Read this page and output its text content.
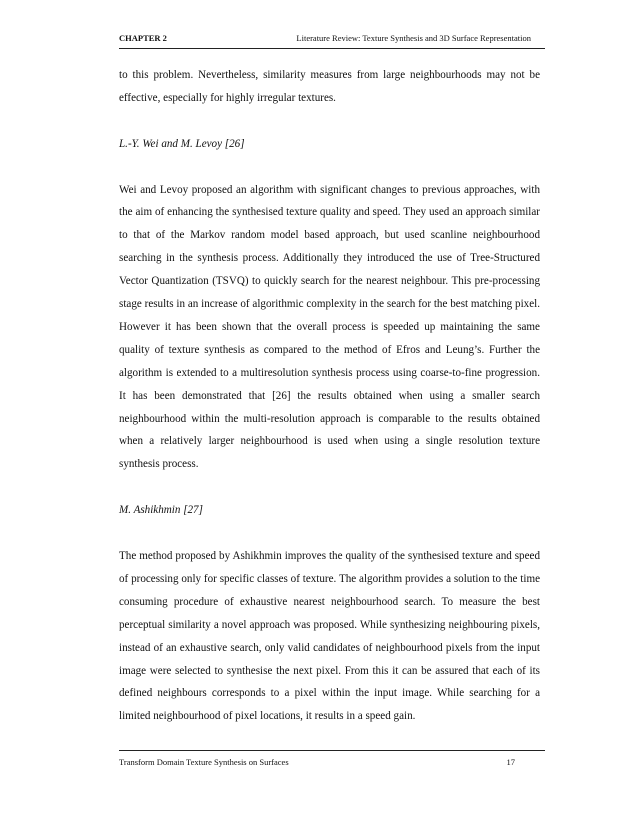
CHAPTER 2	Literature Review: Texture Synthesis and 3D Surface Representation

to this problem. Nevertheless, similarity measures from large neighbourhoods may not be effective, especially for highly irregular textures.

L.-Y. Wei and M. Levoy [26]

Wei and Levoy proposed an algorithm with significant changes to previous approaches, with the aim of enhancing the synthesised texture quality and speed. They used an approach similar to that of the Markov random model based approach, but used scanline neighbourhood searching in the synthesis process. Additionally they introduced the use of Tree-Structured Vector Quantization (TSVQ) to quickly search for the nearest neighbour. This pre-processing stage results in an increase of algorithmic complexity in the search for the best matching pixel. However it has been shown that the overall process is speeded up maintaining the same quality of texture synthesis as compared to the method of Efros and Leung’s. Further the algorithm is extended to a multiresolution synthesis process using coarse-to-fine progression. It has been demonstrated that [26] the results obtained when using a smaller search neighbourhood within the multi-resolution approach is comparable to the results obtained when a relatively larger neighbourhood is used when using a single resolution texture synthesis process.

M. Ashikhmin [27]

The method proposed by Ashikhmin improves the quality of the synthesised texture and speed of processing only for specific classes of texture. The algorithm provides a solution to the time consuming procedure of exhaustive nearest neighbourhood search. To measure the best perceptual similarity a novel approach was proposed. While synthesizing neighbouring pixels, instead of an exhaustive search, only valid candidates of neighbourhood pixels from the input image were selected to synthesise the next pixel. From this it can be assured that each of its defined neighbours corresponds to a pixel within the input image. While searching for a limited neighbourhood of pixel locations, it results in a speed gain.

Transform Domain Texture Synthesis on Surfaces	17
